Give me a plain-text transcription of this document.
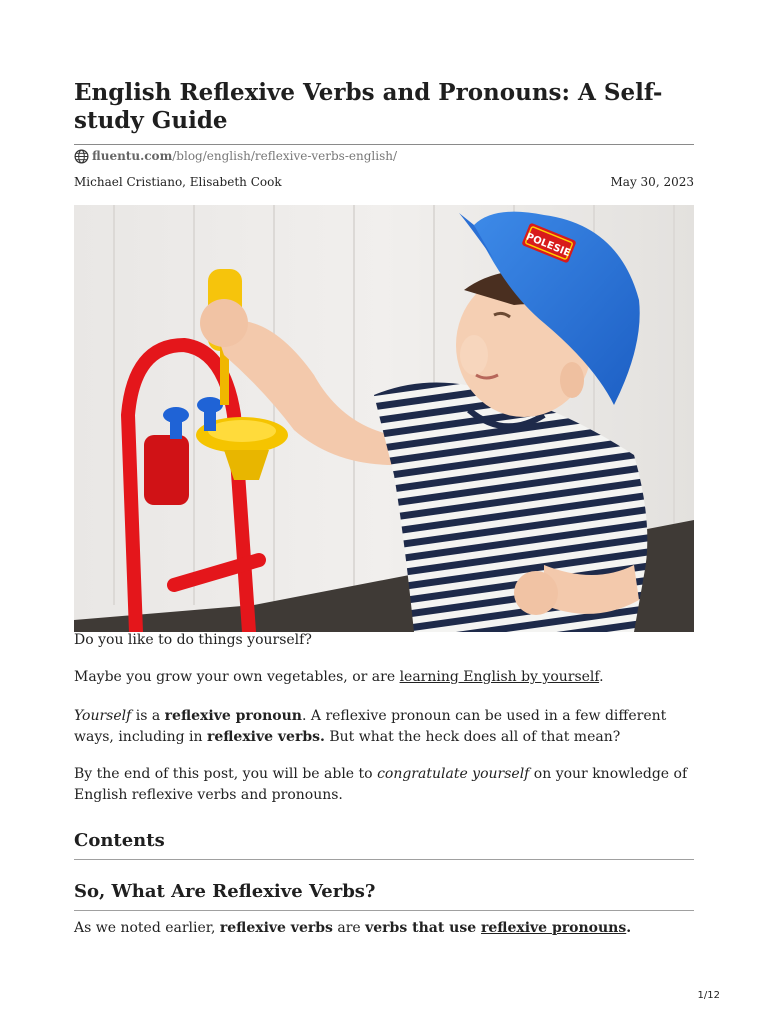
English Reflexive Verbs and Pronouns: A Self-study Guide
fluentu.com /blog/english/reflexive-verbs-english/
Michael Cristiano, Elisabeth Cook	May 30, 2023
POLESIE

Do you like to do things yourself?

Maybe you grow your own vegetables, or are learning English by yourself.

Yourself is a reflexive pronoun. A reflexive pronoun can be used in a few different ways, including in reflexive verbs. But what the heck does all of that mean?

By the end of this post, you will be able to congratulate yourself on your knowledge of English reflexive verbs and pronouns.

Contents
So, What Are Reflexive Verbs?

As we noted earlier, reflexive verbs are verbs that use reflexive pronouns.

1/12
